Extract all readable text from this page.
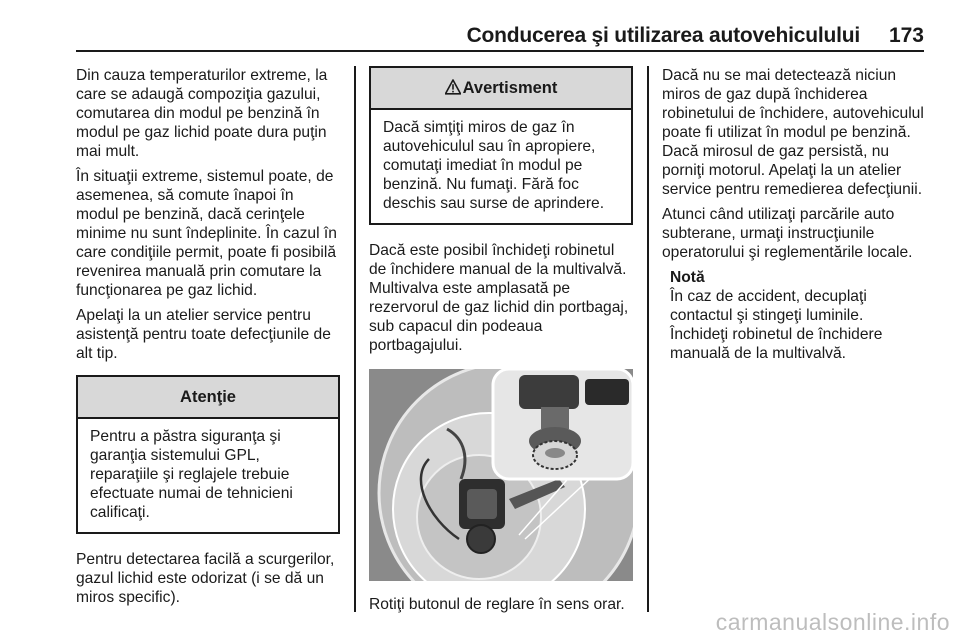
Conducerea şi utilizarea autovehiculului 173

Din cauza temperaturilor extreme, la care se adaugă compoziţia gazului, comutarea din modul pe benzină în modul pe gaz lichid poate dura puţin mai mult.

În situaţii extreme, sistemul poate, de asemenea, să comute înapoi în modul pe benzină, dacă cerinţele minime nu sunt îndeplinite. În cazul în care condiţiile permit, poate fi posibilă revenirea manuală prin comutare la funcţionarea pe gaz lichid.

Apelaţi la un atelier service pentru asistenţă pentru toate defecţiunile de alt tip.

Atenţie
Pentru a păstra siguranţa şi garanţia sistemului GPL, reparaţiile şi reglajele trebuie efectuate numai de tehnicieni calificaţi.

Pentru detectarea facilă a scurgerilor, gazul lichid este odorizat (i se dă un miros specific).

Avertisment
Dacă simţiţi miros de gaz în autovehiculul sau în apropiere, comutaţi imediat în modul pe benzină. Nu fumaţi. Fără foc deschis sau surse de aprindere.

Dacă este posibil închideţi robinetul de închidere manual de la multivalvă. Multivalva este amplasată pe rezervorul de gaz lichid din portbagaj, sub capacul din podeaua portbagajului.

Rotiţi butonul de reglare în sens orar.

Dacă nu se mai detectează niciun miros de gaz după închiderea robinetului de închidere, autovehiculul poate fi utilizat în modul pe benzină. Dacă mirosul de gaz persistă, nu porniţi motorul. Apelaţi la un atelier service pentru remedierea defecţiunii.

Atunci când utilizaţi parcările auto subterane, urmaţi instrucţiunile operatorului şi reglementările locale.

Notă
În caz de accident, decuplaţi contactul şi stingeţi luminile.
Închideţi robinetul de închidere manuală de la multivalvă.
carmanualsonline.info
